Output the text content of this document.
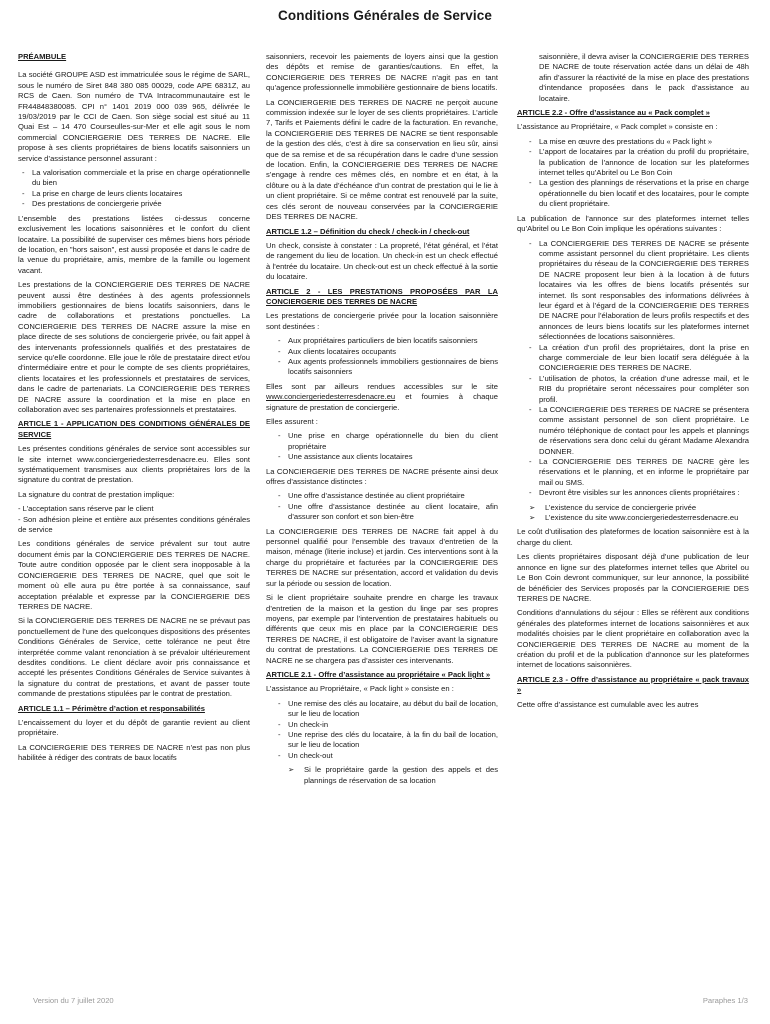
Conditions Générales de Service
PRÉAMBULE

La société GROUPE ASD est immatriculée sous le régime de SARL, sous le numéro de Siret 848 380 085 00029, code APE 6831Z, au RCS de Caen. Son numéro de TVA Intracommunautaire est le FR44848380085. CPI n° 1401 2019 000 039 965, délivrée le 19/03/2019 par le CCI de Caen. Son siège social est situé au 11 Quai Est – 14 470 Courseulles-sur-Mer et elle agit sous le nom commercial CONCIERGERIE DES TERRES DE NACRE. Elle propose à ses clients propriétaires de biens locatifs saisonniers un service d’assistance personnel assurant :

- La valorisation commerciale et la prise en charge opérationnelle du bien
- La prise en charge de leurs clients locataires
- Des prestations de conciergerie privée

L’ensemble des prestations listées ci-dessus concerne exclusivement les locations saisonnières et le confort du client locataire. La possibilité de superviser ces mêmes biens hors période de location, en "hors saison", est aussi proposée et dans le cadre de la venue du propriétaire, amis, membre de la famille ou logement vacant.

Les prestations de la CONCIERGERIE DES TERRES DE NACRE peuvent aussi être destinées à des agents professionnels immobiliers gestionnaires de biens locatifs saisonniers, dans le cadre de collaborations et prestations ponctuelles. La CONCIERGERIE DES TERRES DE NACRE assure la mise en place directe de ses solutions de conciergerie privée, ou fait appel à des intervenants professionnels qualifiés et des prestataires de service qu'elle coordonne. Elle joue le rôle de prestataire direct et/ou d'intermédiaire entre et pour le compte de ses clients propriétaires, clients locataires et les professionnels et prestataires de services, dans le cadre de partenariats. La CONCIERGERIE DES TERRES DE NACRE assure la coordination et la mise en place en collaboration avec ses partenaires professionnels et prestataires.

ARTICLE 1 - APPLICATION DES CONDITIONS GÉNÉRALES DE SERVICE

Les présentes conditions générales de service sont accessibles sur le site internet www.conciergeriedesterresdenacre.eu. Elles sont systématiquement transmises aux clients propriétaires lors de la signature du contrat de prestation.

La signature du contrat de prestation implique:

- L’acceptation sans réserve par le client
- Son adhésion pleine et entière aux présentes conditions générales de service

Les conditions générales de service prévalent sur tout autre document émis par la CONCIERGERIE DES TERRES DE NACRE. Toute autre condition opposée par le client sera inopposable à la CONCIERGERIE DES TERRES DE NACRE, quel que soit le moment où elle aura pu être portée à sa connaissance, sauf acceptation préalable et expresse par la CONCIERGERIE DES TERRES DE NACRE.

Si la CONCIERGERIE DES TERRES DE NACRE ne se prévaut pas ponctuellement de l’une des quelconques dispositions des présentes Conditions Générales de Service, cette tolérance ne peut être interprétée comme valant renonciation à se prévaloir ultérieurement desdites conditions. Le client déclare avoir pris connaissance et accepté les présentes Conditions Générales de Service suivantes à la signature du contrat de prestations, et avant de passer toute commande de prestations stipulées par le contrat de prestation.

ARTICLE 1.1 – Périmètre d’action et responsabilités

L’encaissement du loyer et du dépôt de garantie revient au client propriétaire.

La CONCIERGERIE DES TERRES DE NACRE n’est pas non plus habilitée à rédiger des contrats de baux locatifs

saisonniers, recevoir les paiements de loyers ainsi que la gestion des dépôts et remise de garanties/cautions. En effet, la CONCIERGERIE DES TERRES DE NACRE n’agit pas en tant qu’agence professionnelle immobilière gestionnaire de biens locatifs.

La CONCIERGERIE DES TERRES DE NACRE ne perçoit aucune commission indexée sur le loyer de ses clients propriétaires. L’article 7, Tarifs et Paiements défini le cadre de la facturation. En revanche, la CONCIERGERIE DES TERRES DE NACRE se tient responsable de la gestion des clés, c’est à dire sa conservation en lieu sûr, ainsi que de sa remise et de sa récupération dans le cadre d’une session de location. Enfin, la CONCIERGERIE DES TERRES DE NACRE s’engage à rendre ces mêmes clés, en nombre et en état, à la clôture ou à la date d’échéance d’un contrat de prestation qui le lie à un client propriétaire. Si ce même contrat est renouvelé par la suite, ces clés seront de nouveau conservées par la CONCIERGERIE DES TERRES DE NACRE.

ARTICLE 1.2 – Définition du check / check-in / check-out

Un check, consiste à constater : La propreté, l’état général, et l’état de rangement du lieu de location. Un check-in est un check effectué à l’entrée du locataire. Un check-out est un check effectué à la sortie du locataire.

ARTICLE 2 - LES PRESTATIONS PROPOSÉES PAR LA CONCIERGERIE DES TERRES DE NACRE

Les prestations de conciergerie privée pour la location saisonnière sont destinées :

- Aux propriétaires particuliers de bien locatifs saisonniers
- Aux clients locataires occupants
- Aux agents professionnels immobiliers gestionnaires de biens locatifs saisonniers

Elles sont par ailleurs rendues accessibles sur le site www.conciergeriedesterresdenacre.eu et fournies à chaque signature de prestation de conciergerie.

Elles assurent :

- Une prise en charge opérationnelle du bien du client propriétaire
- Une assistance aux clients locataires

La CONCIERGERIE DES TERRES DE NACRE présente ainsi deux offres d’assistance distinctes :

- Une offre d’assistance destinée au client propriétaire
- Une offre d’assistance destinée au client locataire, afin d’assurer son confort et son bien-être

La CONCIERGERIE DES TERRES DE NACRE fait appel à du personnel qualifié pour l’ensemble des travaux d’entretien de la maison, ménage (literie incluse) et jardin. Ces interventions sont à la charge du propriétaire et facturées par la CONCIERGERIE DES TERRES DE NACRE sur présentation, accord et validation du devis sur la période ou session de location.

Si le client propriétaire souhaite prendre en charge les travaux d’entretien de la maison et la gestion du linge par ses propres moyens, par exemple par l’intervention de prestataires habituels ou différents que ceux mis en place par la CONCIERGERIE DES TERRES DE NACRE, il est obligatoire de l’aviser avant la signature du contrat de prestations. La CONCIERGERIE DES TERRES DE NACRE ne se chargera pas d’assister ces intervenants.

ARTICLE 2.1 - Offre d’assistance au propriétaire « Pack light »

L’assistance au Propriétaire, « Pack light » consiste en :

- Une remise des clés au locataire, au début du bail de location, sur le lieu de location
- Un check-in
- Une reprise des clés du locataire, à la fin du bail de location, sur le lieu de location
- Un check-out
➢ Si le propriétaire garde la gestion des appels et des plannings de réservation de sa location

saisonnière, il devra aviser la CONCIERGERIE DES TERRES DE NACRE de toute réservation actée dans un délai de 48h afin d’assurer la réactivité de la mise en place des prestations d’intendance proposées dans le pack d’assistance au locataire.

ARTICLE 2.2 - Offre d’assistance au « Pack complet »

L’assistance au Propriétaire, « Pack complet » consiste en :

- La mise en œuvre des prestations du « Pack light »
- L’apport de locataires par la création du profil du propriétaire, la publication de l’annonce de location sur les plateformes internet telles qu’Abritel ou Le Bon Coin
- La gestion des plannings de réservations et la prise en charge opérationnelle du bien locatif et des locataires, pour le compte du client propriétaire.

La publication de l’annonce sur des plateformes internet telles qu’Abritel ou Le Bon Coin implique les opérations suivantes :

- La CONCIERGERIE DES TERRES DE NACRE se présente comme assistant personnel du client propriétaire. Les clients propriétaires du réseau de la CONCIERGERIE DES TERRES DE NACRE proposent leur bien à la location à de futurs locataires via les offres de biens locatifs présentés sur internet. Ils sont responsables des informations délivrées à leur égard et à l’égard de la CONCIERGERIE DES TERRES DE NACRE pour l’élaboration de leurs profils respectifs et des annonces de leurs biens locatifs sur les plateformes internet sélectionnées de locations saisonnières.
- La création d’un profil des propriétaires, dont la prise en charge commerciale de leur bien locatif sera déléguée à la CONCIERGERIE DES TERRES DE NACRE.
- L’utilisation de photos, la création d’une adresse mail, et le RIB du propriétaire seront nécessaires pour compléter son profil.
- La CONCIERGERIE DES TERRES DE NACRE se présentera comme assistant personnel de son client propriétaire. Le numéro téléphonique de contact pour les appels et plannings de réservations sera donc celui du gérant Madame Alexandra DONNER.
- La CONCIERGERIE DES TERRES DE NACRE gère les réservations et le planning, et en informe le propriétaire par mail ou SMS.
- Devront être visibles sur les annonces clients propriétaires :
➢ L’existence du service de conciergerie privée
➢ L’existence du site www.conciergeriedesterresdenacre.eu

Le coût d’utilisation des plateformes de location saisonnière est à la charge du client.

Les clients propriétaires disposant déjà d’une publication de leur annonce en ligne sur des plateformes internet telles que Abritel ou Le Bon Coin devront communiquer, sur leur annonce, la possibilité de bénéficier des Services proposés par la CONCIERGERIE DES TERRES DE NACRE.

Conditions d’annulations du séjour : Elles se réfèrent aux conditions générales des plateformes internet de locations saisonnières et aux modalités choisies par le client propriétaire en collaboration avec la CONCIERGERIE DES TERRES DE NACRE au moment de la création du profil et de la publication d’annonce sur les plateformes internet de locations saisonnières.

ARTICLE 2.3 - Offre d’assistance au propriétaire « pack travaux »

Cette offre d’assistance est cumulable avec les autres

Version du 7 juillet 2020	Paraphes 1/3
